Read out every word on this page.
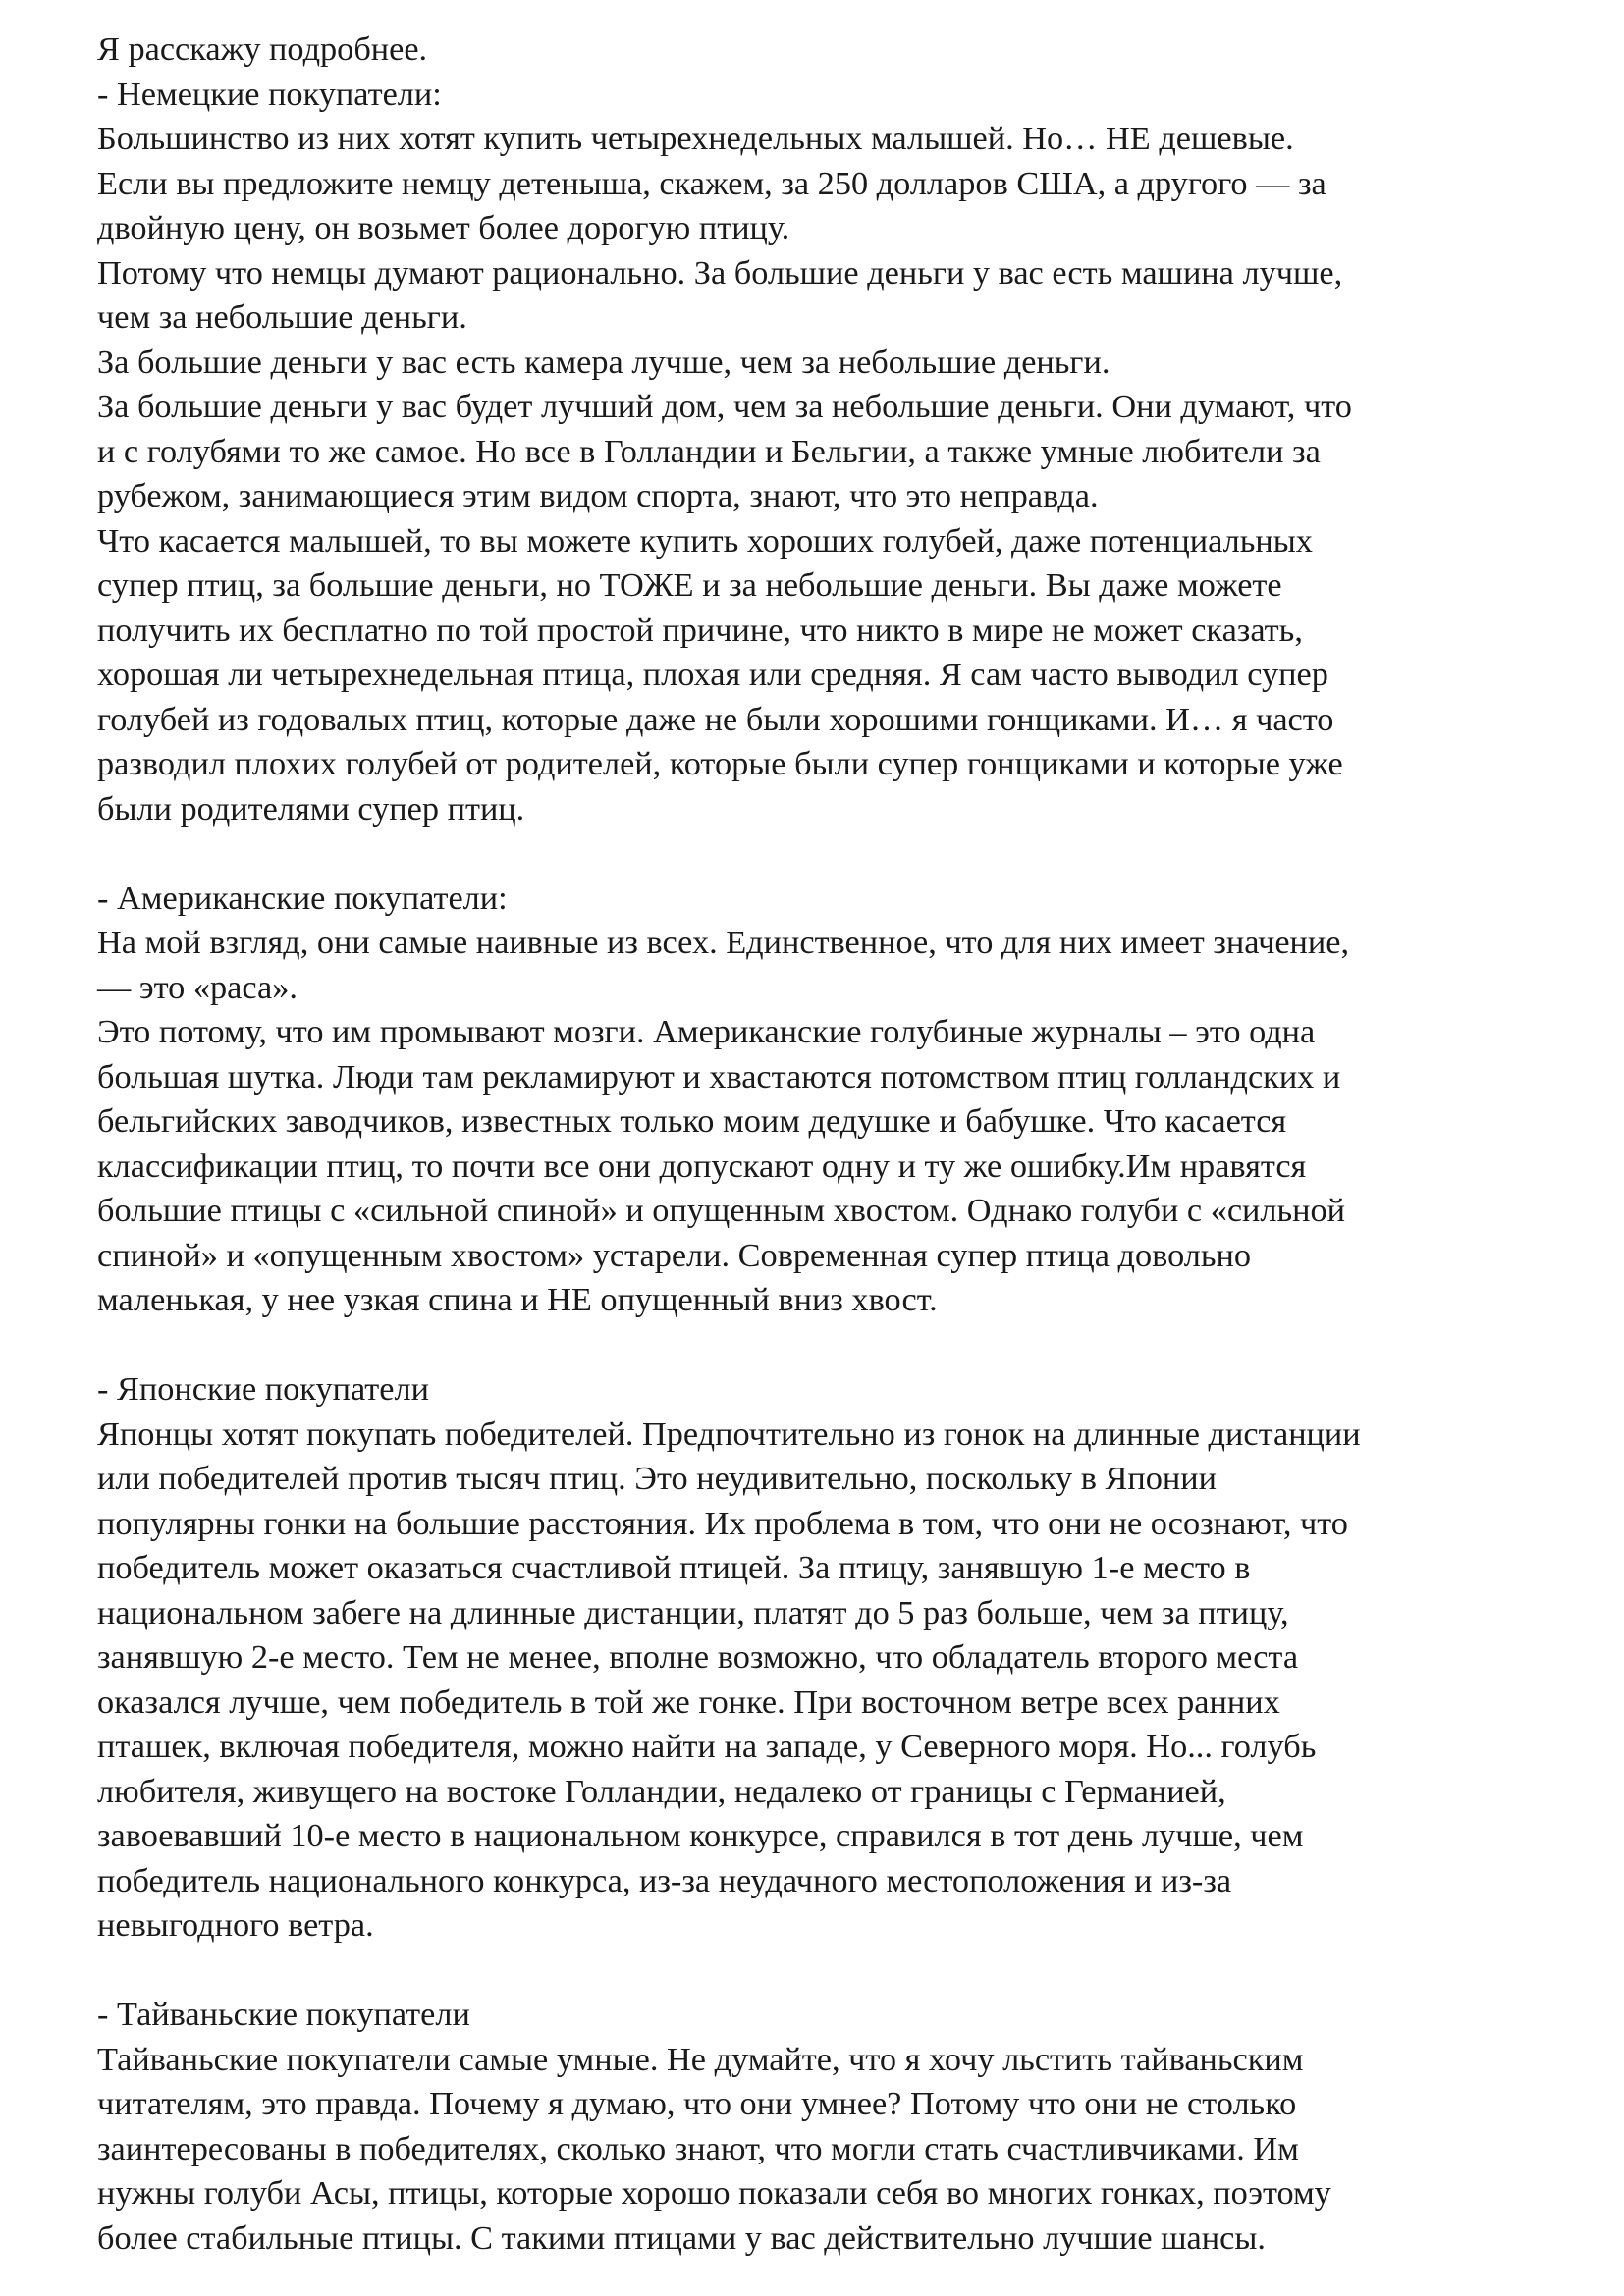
Я расскажу подробнее.
- Немецкие покупатели:
Большинство из них хотят купить четырехнедельных малышей. Но… НЕ дешевые.
Если вы предложите немцу детеныша, скажем, за 250 долларов США, а другого — за
двойную цену, он возьмет более дорогую птицу.
Потому что немцы думают рационально. За большие деньги у вас есть машина лучше,
чем за небольшие деньги.
За большие деньги у вас есть камера лучше, чем за небольшие деньги.
За большие деньги у вас будет лучший дом, чем за небольшие деньги. Они думают, что
и с голубями то же самое. Но все в Голландии и Бельгии, а также умные любители за
рубежом, занимающиеся этим видом спорта, знают, что это неправда.
Что касается малышей, то вы можете купить хороших голубей, даже потенциальных
супер птиц, за большие деньги, но ТОЖЕ и за небольшие деньги. Вы даже можете
получить их бесплатно по той простой причине, что никто в мире не может сказать,
хорошая ли четырехнедельная птица, плохая или средняя. Я сам часто выводил супер
голубей из годовалых птиц, которые даже не были хорошими гонщиками. И… я часто
разводил плохих голубей от родителей, которые были супер гонщиками и которые уже
были родителями супер птиц.
- Американские покупатели:
На мой взгляд, они самые наивные из всех. Единственное, что для них имеет значение,
— это «раса».
Это потому, что им промывают мозги. Американские голубиные журналы – это одна
большая шутка. Люди там рекламируют и хвастаются потомством птиц голландских и
бельгийских заводчиков, известных только моим дедушке и бабушке. Что касается
классификации птиц, то почти все они допускают одну и ту же ошибку.Им нравятся
большие птицы с «сильной спиной» и опущенным хвостом. Однако голуби с «сильной
спиной» и «опущенным хвостом» устарели. Современная супер птица довольно
маленькая, у нее узкая спина и НЕ опущенный вниз хвост.
- Японские покупатели
Японцы хотят покупать победителей. Предпочтительно из гонок на длинные дистанции
или победителей против тысяч птиц. Это неудивительно, поскольку в Японии
популярны гонки на большие расстояния. Их проблема в том, что они не осознают, что
победитель может оказаться счастливой птицей. За птицу, занявшую 1-е место в
национальном забеге на длинные дистанции, платят до 5 раз больше, чем за птицу,
занявшую 2-е место. Тем не менее, вполне возможно, что обладатель второго места
оказался лучше, чем победитель в той же гонке. При восточном ветре всех ранних
пташек, включая победителя, можно найти на западе, у Северного моря. Но... голубь
любителя, живущего на востоке Голландии, недалеко от границы с Германией,
завоевавший 10-е место в национальном конкурсе, справился в тот день лучше, чем
победитель национального конкурса, из-за неудачного местоположения и из-за
невыгодного ветра.
- Тайваньские покупатели
Тайваньские покупатели самые умные. Не думайте, что я хочу льстить тайваньским
читателям, это правда. Почему я думаю, что они умнее? Потому что они не столько
заинтересованы в победителях, сколько знают, что могли стать счастливчиками. Им
нужны голуби Асы, птицы, которые хорошо показали себя во многих гонках, поэтому
более стабильные птицы. С такими птицами у вас действительно лучшие шансы.
